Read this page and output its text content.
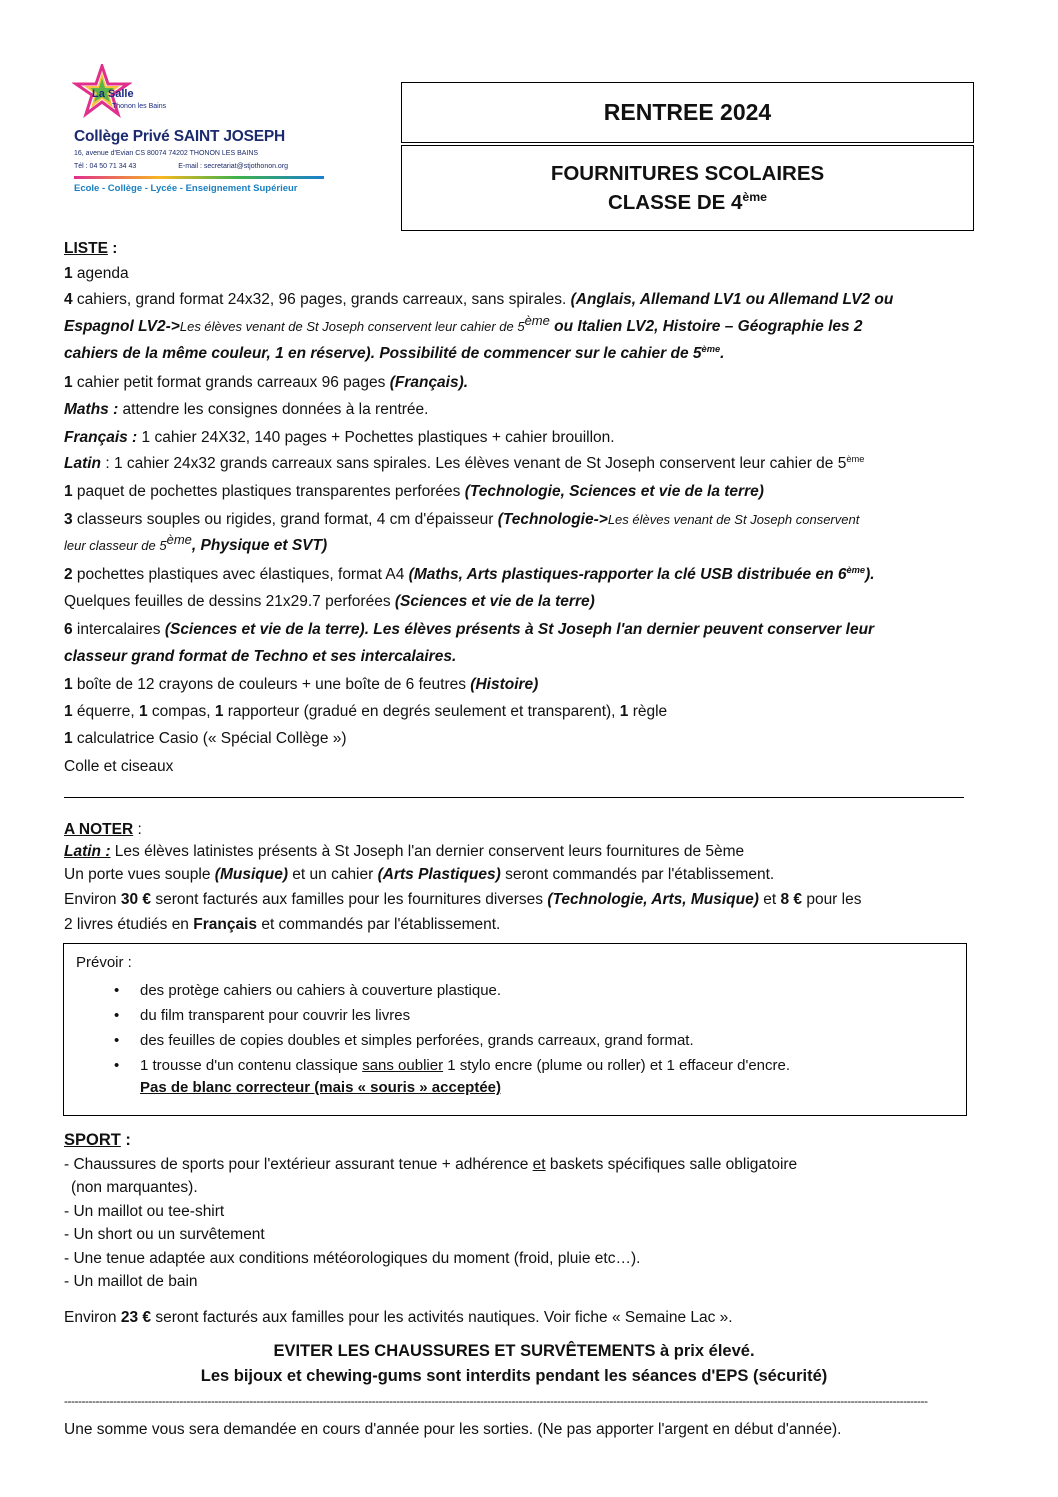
La Salle
Thonon les Bains
Collège Privé SAINT JOSEPH
16, avenue d'Evian CS 80074 74202 THONON LES BAINS
Tél : 04 50 71 34 43	E-mail : secretariat@stjothonon.org
Ecole - Collège - Lycée - Enseignement Supérieur
RENTREE 2024
FOURNITURES SCOLAIRES
CLASSE DE 4ème
LISTE :
1 agenda
4 cahiers, grand format 24x32, 96 pages, grands carreaux, sans spirales. (Anglais, Allemand LV1 ou Allemand LV2 ou
Espagnol LV2->Les élèves venant de St Joseph conservent leur cahier de 5ème ou Italien LV2, Histoire – Géographie les 2
cahiers de la même couleur, 1 en réserve). Possibilité de commencer sur le cahier de 5ème.
1 cahier petit format grands carreaux 96 pages (Français).
Maths : attendre les consignes données à la rentrée.
Français : 1 cahier 24X32, 140 pages + Pochettes plastiques + cahier brouillon.
Latin : 1 cahier 24x32 grands carreaux sans spirales. Les élèves venant de St Joseph conservent leur cahier de 5ème
1 paquet de pochettes plastiques transparentes perforées (Technologie, Sciences et vie de la terre)
3 classeurs souples ou rigides, grand format, 4 cm d'épaisseur (Technologie->Les élèves venant de St Joseph conservent
leur classeur de 5ème, Physique et SVT)
2 pochettes plastiques avec élastiques, format A4 (Maths, Arts plastiques-rapporter la clé USB distribuée en 6ème).
Quelques feuilles de dessins 21x29.7 perforées (Sciences et vie de la terre)
6 intercalaires (Sciences et vie de la terre). Les élèves présents à St Joseph l'an dernier peuvent conserver leur
classeur grand format de Techno et ses intercalaires.
1 boîte de 12 crayons de couleurs + une boîte de 6 feutres (Histoire)
1 équerre, 1 compas, 1 rapporteur (gradué en degrés seulement et transparent), 1 règle
1 calculatrice Casio (« Spécial Collège »)
Colle et ciseaux
A NOTER :
Latin : Les élèves latinistes présents à St Joseph l'an dernier conservent leurs fournitures de 5ème
Un porte vues souple (Musique) et un cahier (Arts Plastiques) seront commandés par l'établissement.
Environ 30 € seront facturés aux familles pour les fournitures diverses (Technologie, Arts, Musique) et 8 € pour les
2 livres étudiés en Français et commandés par l'établissement.
Prévoir :
• des protège cahiers ou cahiers à couverture plastique.
• du film transparent pour couvrir les livres
• des feuilles de copies doubles et simples perforées, grands carreaux, grand format.
• 1 trousse d'un contenu classique sans oublier 1 stylo encre (plume ou roller) et 1 effaceur d'encre.
Pas de blanc correcteur (mais « souris » acceptée)
SPORT :
- Chaussures de sports pour l'extérieur assurant tenue + adhérence et baskets spécifiques salle obligatoire
(non marquantes).
- Un maillot ou tee-shirt
- Un short ou un survêtement
- Une tenue adaptée aux conditions météorologiques du moment (froid, pluie etc…).
- Un maillot de bain
Environ 23 € seront facturés aux familles pour les activités nautiques. Voir fiche « Semaine Lac ».
EVITER LES CHAUSSURES ET SURVÊTEMENTS à prix élevé.
Les bijoux et chewing-gums sont interdits pendant les séances d'EPS (sécurité)
-------------------------------------------------------------------------------------------------------------------------------------------------------------------------------------------------------------------------------------------------------
Une somme vous sera demandée en cours d'année pour les sorties. (Ne pas apporter l'argent en début d'année).
